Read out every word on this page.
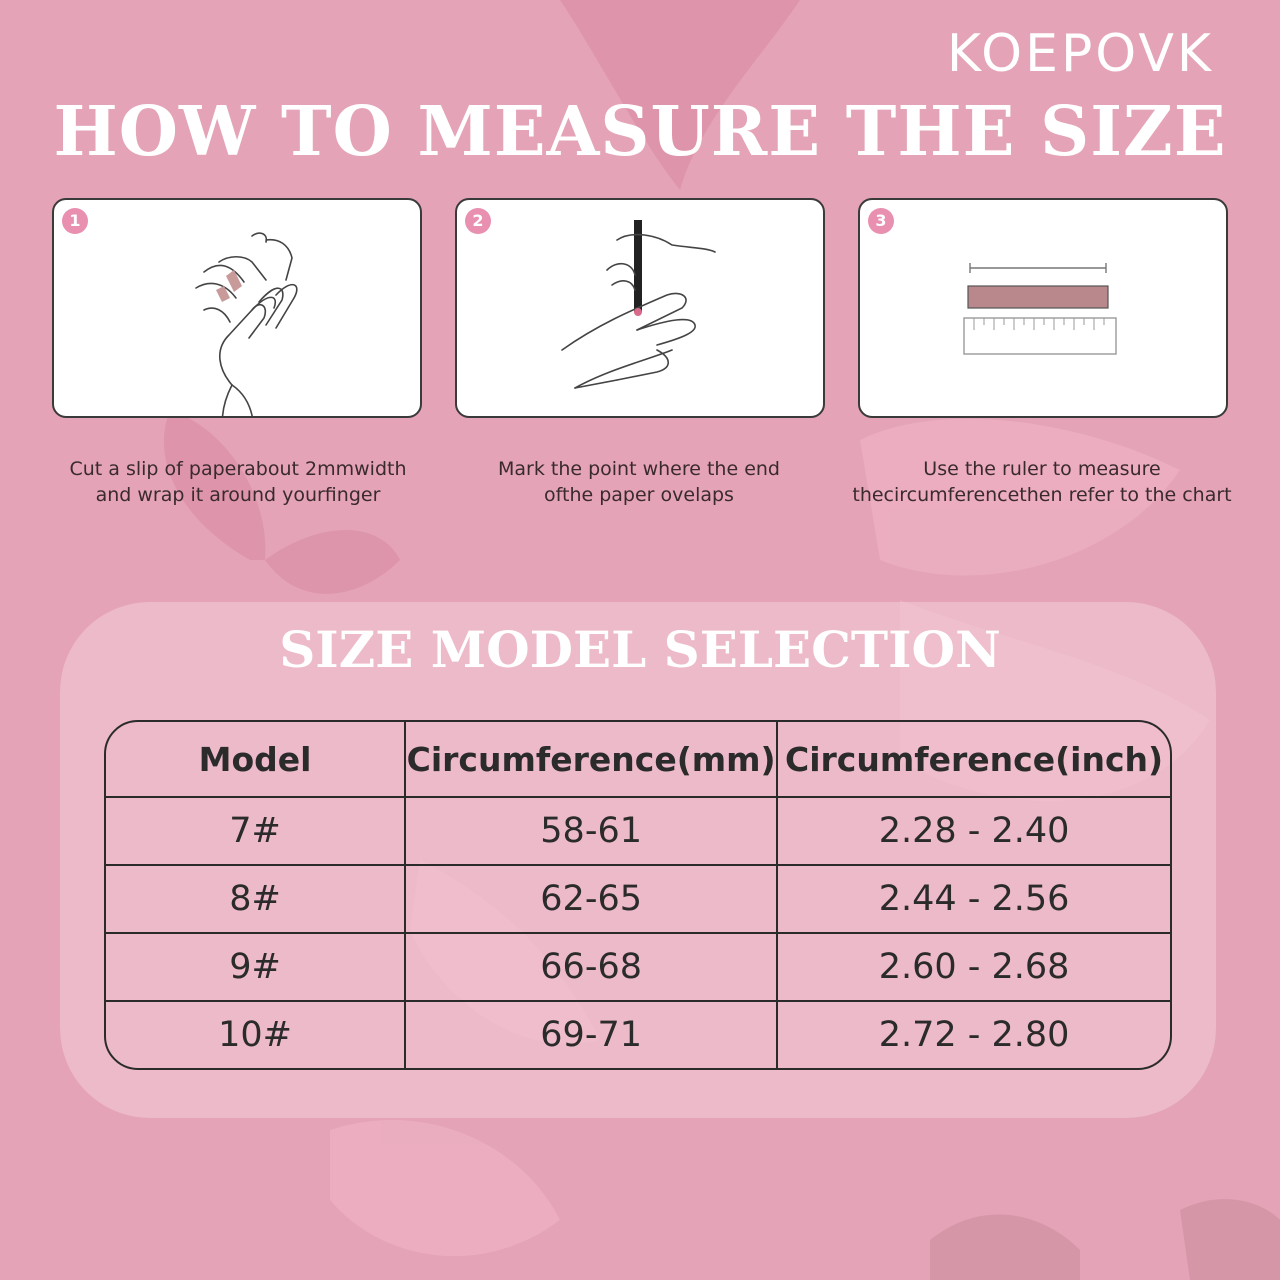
KOEPOVK
HOW TO MEASURE THE SIZE
1
Cut a slip of paperabout 2mmwidth
and wrap it around yourfinger
2
Mark the point where the end
ofthe paper ovelaps
3
Use the ruler to measure
thecircumferencethen refer to the chart
SIZE MODEL SELECTION
Model	Circumference(mm)	Circumference(inch)
7#	58-61	2.28 - 2.40
8#	62-65	2.44 - 2.56
9#	66-68	2.60 - 2.68
10#	69-71	2.72 - 2.80
